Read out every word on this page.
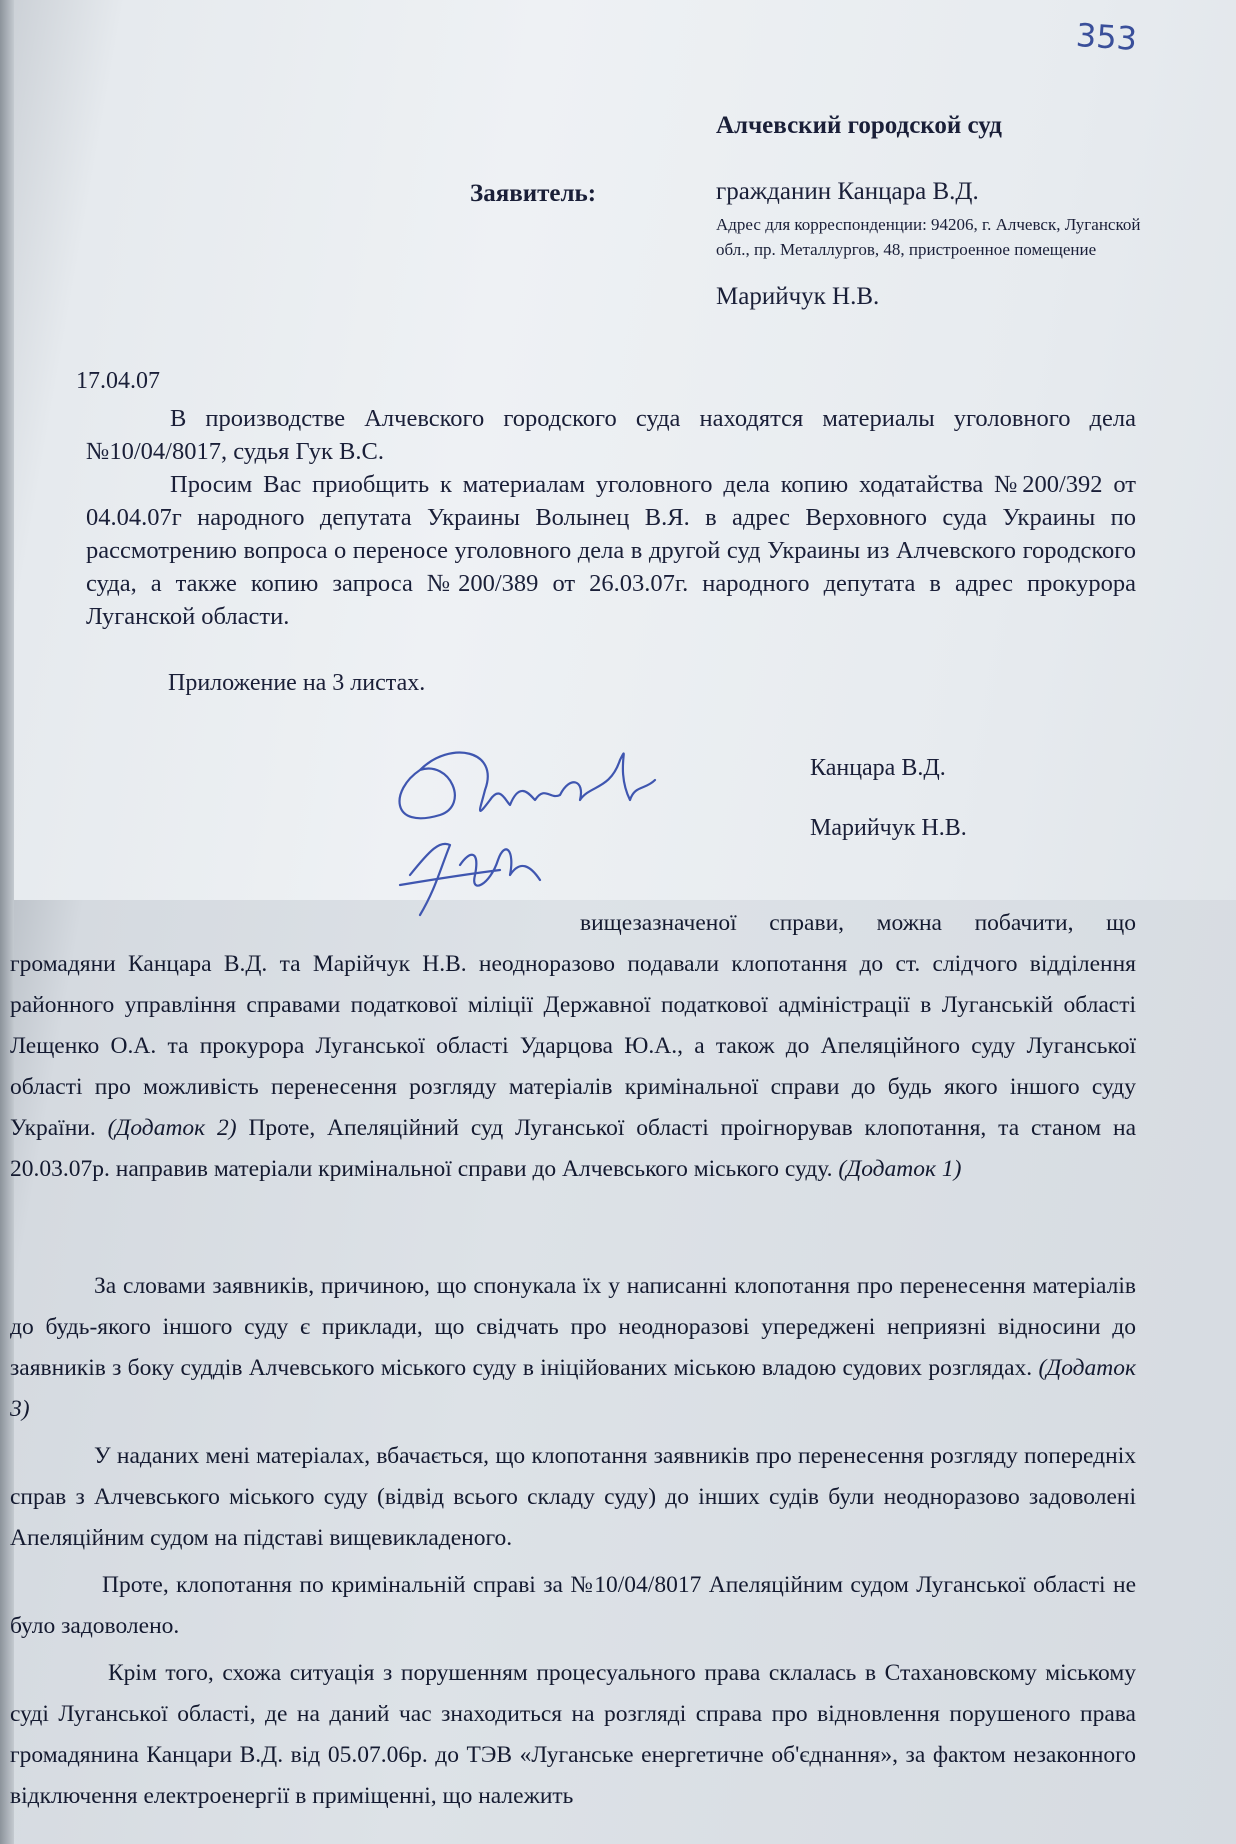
353
Алчевский городской суд
Заявитель:	гражданин Канцара В.Д.
Адрес для корреспонденции: 94206, г. Алчевск, Луганской обл., пр. Металлургов, 48, пристроенное помещение
Марийчук Н.В.
17.04.07
В производстве Алчевского городского суда находятся материалы уголовного дела №10/04/8017, судья Гук В.С.
Просим Вас приобщить к материалам уголовного дела копию ходатайства №200/392 от 04.04.07г народного депутата Украины Волынец В.Я. в адрес Верховного суда Украины по рассмотрению вопроса о переносе уголовного дела в другой суд Украины из Алчевского городского суда, а также копию запроса №200/389 от 26.03.07г. народного депутата в адрес прокурора Луганской области.
Приложение на 3 листах.
Канцара В.Д.
Марийчук Н.В.
вищезазначеної справи, можна побачити, що громадяни Канцара В.Д. та Марійчук Н.В. неодноразово подавали клопотання до ст. слідчого відділення районного управління справами податкової міліції Державної податкової адміністрації в Луганській області Лещенко О.А. та прокурора Луганської області Ударцова Ю.А., а також до Апеляційного суду Луганської області про можливість перенесення розгляду матеріалів кримінальної справи до будь якого іншого суду України. (Додаток 2) Проте, Апеляційний суд Луганської області проігнорував клопотання, та станом на 20.03.07р. направив матеріали кримінальної справи до Алчевського міського суду. (Додаток 1)
За словами заявників, причиною, що спонукала їх у написанні клопотання про перенесення матеріалів до будь-якого іншого суду є приклади, що свідчать про неодноразові упереджені неприязні відносини до заявників з боку суддів Алчевського міського суду в ініційованих міською владою судових розглядах. (Додаток 3)
У наданих мені матеріалах, вбачається, що клопотання заявників про перенесення розгляду попередніх справ з Алчевського міського суду (відвід всього складу суду) до інших судів були неодноразово задоволені Апеляційним судом на підставі вищевикладеного.
Проте, клопотання по кримінальній справі за №10/04/8017 Апеляційним судом Луганської області не було задоволено.
Крім того, схожа ситуація з порушенням процесуального права склалась в Стахановскому міському суді Луганської області, де на даний час знаходиться на розгляді справа про відновлення порушеного права громадянина Канцари В.Д. від 05.07.06р. до ТЭВ «Луганське енергетичне об'єднання», за фактом незаконного відключення електроенергії в приміщенні, що належить
